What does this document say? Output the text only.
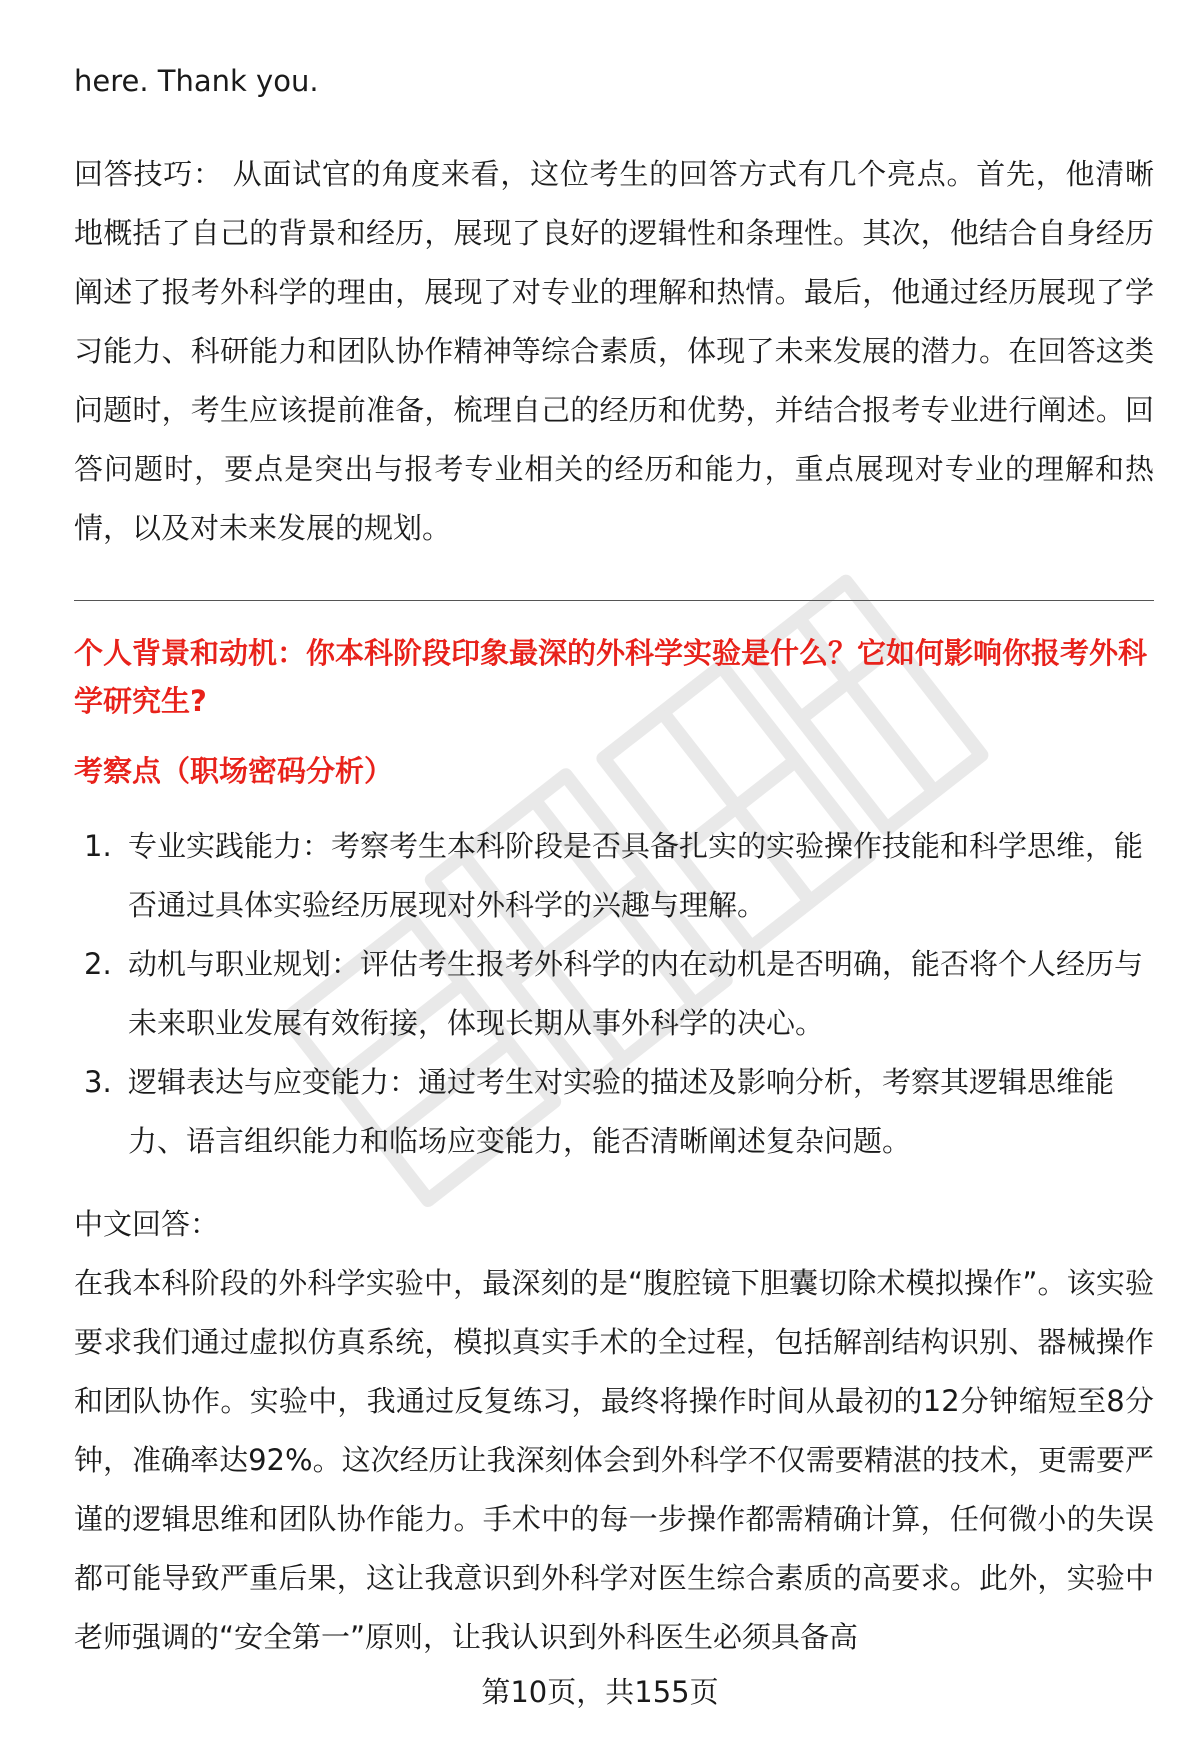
here. Thank you.

回答技巧： 从面试官的角度来看，这位考生的回答方式有几个亮点。首先，他清晰地概括了自己的背景和经历，展现了良好的逻辑性和条理性。其次，他结合自身经历阐述了报考外科学的理由，展现了对专业的理解和热情。最后，他通过经历展现了学习能力、科研能力和团队协作精神等综合素质，体现了未来发展的潜力。在回答这类问题时，考生应该提前准备，梳理自己的经历和优势，并结合报考专业进行阐述。回答问题时，要点是突出与报考专业相关的经历和能力，重点展现对专业的理解和热情，以及对未来发展的规划。

个人背景和动机：你本科阶段印象最深的外科学实验是什么？它如何影响你报考外科学研究生?

考察点（职场密码分析）

1. 专业实践能力：考察考生本科阶段是否具备扎实的实验操作技能和科学思维，能否通过具体实验经历展现对外科学的兴趣与理解。
2. 动机与职业规划：评估考生报考外科学的内在动机是否明确，能否将个人经历与未来职业发展有效衔接，体现长期从事外科学的决心。
3. 逻辑表达与应变能力：通过考生对实验的描述及影响分析，考察其逻辑思维能力、语言组织能力和临场应变能力，能否清晰阐述复杂问题。

中文回答：

在我本科阶段的外科学实验中，最深刻的是“腹腔镜下胆囊切除术模拟操作”。该实验要求我们通过虚拟仿真系统，模拟真实手术的全过程，包括解剖结构识别、器械操作和团队协作。实验中，我通过反复练习，最终将操作时间从最初的12分钟缩短至8分钟，准确率达92%。这次经历让我深刻体会到外科学不仅需要精湛的技术，更需要严谨的逻辑思维和团队协作能力。手术中的每一步操作都需精确计算，任何微小的失误都可能导致严重后果，这让我意识到外科学对医生综合素质的高要求。此外，实验中老师强调的“安全第一”原则，让我认识到外科医生必须具备高

第10页，共155页
